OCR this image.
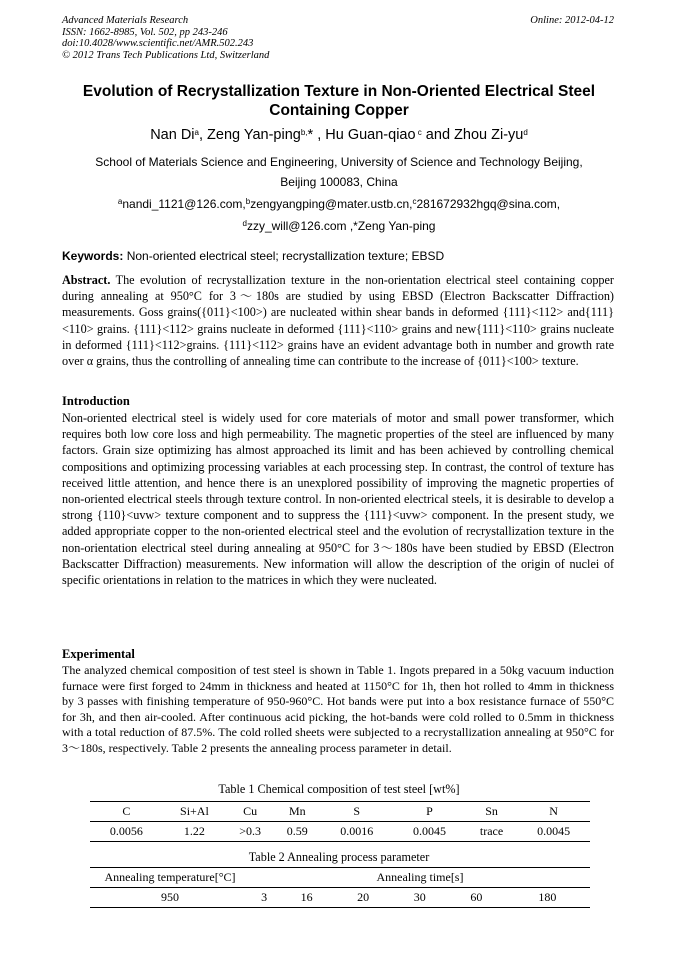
Advanced Materials Research
ISSN: 1662-8985, Vol. 502, pp 243-246
doi:10.4028/www.scientific.net/AMR.502.243
© 2012 Trans Tech Publications Ltd, Switzerland
Online: 2012-04-12
Evolution of Recrystallization Texture in Non-Oriented Electrical Steel
Containing Copper
Nan Di$^a$, Zeng Yan-ping$^{b,}$* , Hu Guan-qiao $^c$ and Zhou $Zi-yu^d$
School of Materials Science and Engineering, University of Science and Technology Beijing,
Beijing 100083, China
$^a$nandi_1121@126.com,$^b$zengyangping@mater.ustb.cn,$^c$281672932hgq@sina.com,
$^d$zzy_will@126.com ,*Zeng Yan-ping
Keywords: Non-oriented electrical steel; recrystallization texture; EBSD
Abstract. The evolution of recrystallization texture in the non-orientation electrical steel containing copper during annealing at 950°C for 3～180s are studied by using EBSD (Electron Backscatter Diffraction) measurements. Goss grains({011}<100>) are nucleated within shear bands in deformed {111}<112> and{111}<110> grains. {111}<112> grains nucleate in deformed {111}<110> grains and new{111}<110> grains nucleate in deformed {111}<112>grains. {111}<112> grains have an evident advantage both in number and growth rate over α grains, thus the controlling of annealing time can contribute to the increase of {011}<100> texture.
Introduction
Non-oriented electrical steel is widely used for core materials of motor and small power transformer, which requires both low core loss and high permeability. The magnetic properties of the steel are influenced by many factors. Grain size optimizing has almost approached its limit and has been achieved by controlling chemical compositions and optimizing processing variables at each processing step. In contrast, the control of texture has received little attention, and hence there is an unexplored possibility of improving the magnetic properties of non-oriented electrical steels through texture control. In non-oriented electrical steels, it is desirable to develop a strong {110}<uvw> texture component and to suppress the {111}<uvw> component. In the present study, we added appropriate copper to the non-oriented electrical steel and the evolution of recrystallization texture in the non-orientation electrical steel during annealing at 950°C for 3～180s have been studied by EBSD (Electron Backscatter Diffraction) measurements. New information will allow the description of the origin of nuclei of specific orientations in relation to the matrices in which they were nucleated.
Experimental
The analyzed chemical composition of test steel is shown in Table 1. Ingots prepared in a 50kg vacuum induction furnace were first forged to 24mm in thickness and heated at 1150°C for 1h, then hot rolled to 4mm in thickness by 3 passes with finishing temperature of 950-960°C. Hot bands were put into a box resistance furnace of 550°C for 3h, and then air-cooled. After continuous acid picking, the hot-bands were cold rolled to 0.5mm in thickness with a total reduction of 87.5%. The cold rolled sheets were subjected to a recrystallization annealing at 950°C for 3～180s, respectively. Table 2 presents the annealing process parameter in detail.
Table 1 Chemical composition of test steel [wt%]
C	Si+Al	Cu	Mn	S	P	Sn	N
0.0056	1.22	>0.3	0.59	0.0016	0.0045	trace	0.0045
Table 2 Annealing process parameter
Annealing temperature[°C]	Annealing time[s]					
950	3	16	20	30	60	180
